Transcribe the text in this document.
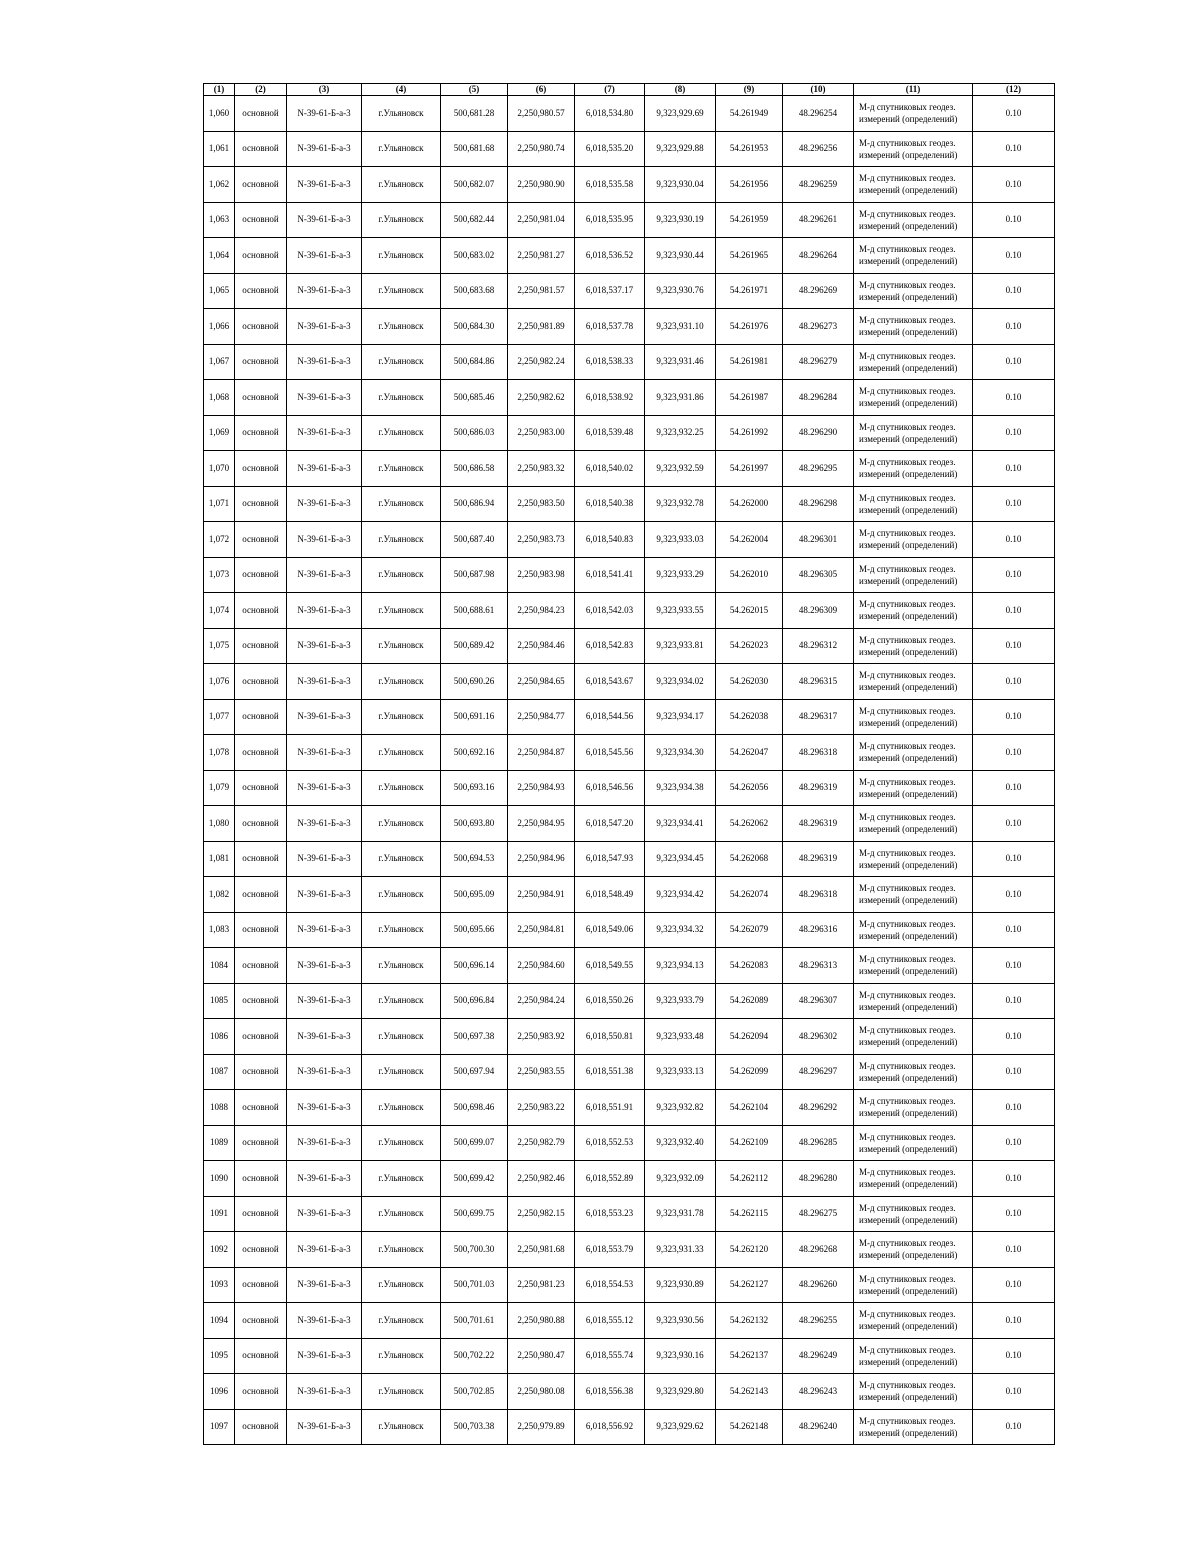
(1)	(2)	(3)	(4)	(5)	(6)	(7)	(8)	(9)	(10)	(11)	(12)
1,060	основной	N-39-61-Б-а-3	г.Ульяновск	500,681.28	2,250,980.57	6,018,534.80	9,323,929.69	54.261949	48.296254	М-д спутниковых геодез. измерений (определений)	0.10
1,061	основной	N-39-61-Б-а-3	г.Ульяновск	500,681.68	2,250,980.74	6,018,535.20	9,323,929.88	54.261953	48.296256	М-д спутниковых геодез. измерений (определений)	0.10
1,062	основной	N-39-61-Б-а-3	г.Ульяновск	500,682.07	2,250,980.90	6,018,535.58	9,323,930.04	54.261956	48.296259	М-д спутниковых геодез. измерений (определений)	0.10
1,063	основной	N-39-61-Б-а-3	г.Ульяновск	500,682.44	2,250,981.04	6,018,535.95	9,323,930.19	54.261959	48.296261	М-д спутниковых геодез. измерений (определений)	0.10
1,064	основной	N-39-61-Б-а-3	г.Ульяновск	500,683.02	2,250,981.27	6,018,536.52	9,323,930.44	54.261965	48.296264	М-д спутниковых геодез. измерений (определений)	0.10
1,065	основной	N-39-61-Б-а-3	г.Ульяновск	500,683.68	2,250,981.57	6,018,537.17	9,323,930.76	54.261971	48.296269	М-д спутниковых геодез. измерений (определений)	0.10
1,066	основной	N-39-61-Б-а-3	г.Ульяновск	500,684.30	2,250,981.89	6,018,537.78	9,323,931.10	54.261976	48.296273	М-д спутниковых геодез. измерений (определений)	0.10
1,067	основной	N-39-61-Б-а-3	г.Ульяновск	500,684.86	2,250,982.24	6,018,538.33	9,323,931.46	54.261981	48.296279	М-д спутниковых геодез. измерений (определений)	0.10
1,068	основной	N-39-61-Б-а-3	г.Ульяновск	500,685.46	2,250,982.62	6,018,538.92	9,323,931.86	54.261987	48.296284	М-д спутниковых геодез. измерений (определений)	0.10
1,069	основной	N-39-61-Б-а-3	г.Ульяновск	500,686.03	2,250,983.00	6,018,539.48	9,323,932.25	54.261992	48.296290	М-д спутниковых геодез. измерений (определений)	0.10
1,070	основной	N-39-61-Б-а-3	г.Ульяновск	500,686.58	2,250,983.32	6,018,540.02	9,323,932.59	54.261997	48.296295	М-д спутниковых геодез. измерений (определений)	0.10
1,071	основной	N-39-61-Б-а-3	г.Ульяновск	500,686.94	2,250,983.50	6,018,540.38	9,323,932.78	54.262000	48.296298	М-д спутниковых геодез. измерений (определений)	0.10
1,072	основной	N-39-61-Б-а-3	г.Ульяновск	500,687.40	2,250,983.73	6,018,540.83	9,323,933.03	54.262004	48.296301	М-д спутниковых геодез. измерений (определений)	0.10
1,073	основной	N-39-61-Б-а-3	г.Ульяновск	500,687.98	2,250,983.98	6,018,541.41	9,323,933.29	54.262010	48.296305	М-д спутниковых геодез. измерений (определений)	0.10
1,074	основной	N-39-61-Б-а-3	г.Ульяновск	500,688.61	2,250,984.23	6,018,542.03	9,323,933.55	54.262015	48.296309	М-д спутниковых геодез. измерений (определений)	0.10
1,075	основной	N-39-61-Б-а-3	г.Ульяновск	500,689.42	2,250,984.46	6,018,542.83	9,323,933.81	54.262023	48.296312	М-д спутниковых геодез. измерений (определений)	0.10
1,076	основной	N-39-61-Б-а-3	г.Ульяновск	500,690.26	2,250,984.65	6,018,543.67	9,323,934.02	54.262030	48.296315	М-д спутниковых геодез. измерений (определений)	0.10
1,077	основной	N-39-61-Б-а-3	г.Ульяновск	500,691.16	2,250,984.77	6,018,544.56	9,323,934.17	54.262038	48.296317	М-д спутниковых геодез. измерений (определений)	0.10
1,078	основной	N-39-61-Б-а-3	г.Ульяновск	500,692.16	2,250,984.87	6,018,545.56	9,323,934.30	54.262047	48.296318	М-д спутниковых геодез. измерений (определений)	0.10
1,079	основной	N-39-61-Б-а-3	г.Ульяновск	500,693.16	2,250,984.93	6,018,546.56	9,323,934.38	54.262056	48.296319	М-д спутниковых геодез. измерений (определений)	0.10
1,080	основной	N-39-61-Б-а-3	г.Ульяновск	500,693.80	2,250,984.95	6,018,547.20	9,323,934.41	54.262062	48.296319	М-д спутниковых геодез. измерений (определений)	0.10
1,081	основной	N-39-61-Б-а-3	г.Ульяновск	500,694.53	2,250,984.96	6,018,547.93	9,323,934.45	54.262068	48.296319	М-д спутниковых геодез. измерений (определений)	0.10
1,082	основной	N-39-61-Б-а-3	г.Ульяновск	500,695.09	2,250,984.91	6,018,548.49	9,323,934.42	54.262074	48.296318	М-д спутниковых геодез. измерений (определений)	0.10
1,083	основной	N-39-61-Б-а-3	г.Ульяновск	500,695.66	2,250,984.81	6,018,549.06	9,323,934.32	54.262079	48.296316	М-д спутниковых геодез. измерений (определений)	0.10
1084	основной	N-39-61-Б-а-3	г.Ульяновск	500,696.14	2,250,984.60	6,018,549.55	9,323,934.13	54.262083	48.296313	М-д спутниковых геодез. измерений (определений)	0.10
1085	основной	N-39-61-Б-а-3	г.Ульяновск	500,696.84	2,250,984.24	6,018,550.26	9,323,933.79	54.262089	48.296307	М-д спутниковых геодез. измерений (определений)	0.10
1086	основной	N-39-61-Б-а-3	г.Ульяновск	500,697.38	2,250,983.92	6,018,550.81	9,323,933.48	54.262094	48.296302	М-д спутниковых геодез. измерений (определений)	0.10
1087	основной	N-39-61-Б-а-3	г.Ульяновск	500,697.94	2,250,983.55	6,018,551.38	9,323,933.13	54.262099	48.296297	М-д спутниковых геодез. измерений (определений)	0.10
1088	основной	N-39-61-Б-а-3	г.Ульяновск	500,698.46	2,250,983.22	6,018,551.91	9,323,932.82	54.262104	48.296292	М-д спутниковых геодез. измерений (определений)	0.10
1089	основной	N-39-61-Б-а-3	г.Ульяновск	500,699.07	2,250,982.79	6,018,552.53	9,323,932.40	54.262109	48.296285	М-д спутниковых геодез. измерений (определений)	0.10
1090	основной	N-39-61-Б-а-3	г.Ульяновск	500,699.42	2,250,982.46	6,018,552.89	9,323,932.09	54.262112	48.296280	М-д спутниковых геодез. измерений (определений)	0.10
1091	основной	N-39-61-Б-а-3	г.Ульяновск	500,699.75	2,250,982.15	6,018,553.23	9,323,931.78	54.262115	48.296275	М-д спутниковых геодез. измерений (определений)	0.10
1092	основной	N-39-61-Б-а-3	г.Ульяновск	500,700.30	2,250,981.68	6,018,553.79	9,323,931.33	54.262120	48.296268	М-д спутниковых геодез. измерений (определений)	0.10
1093	основной	N-39-61-Б-а-3	г.Ульяновск	500,701.03	2,250,981.23	6,018,554.53	9,323,930.89	54.262127	48.296260	М-д спутниковых геодез. измерений (определений)	0.10
1094	основной	N-39-61-Б-а-3	г.Ульяновск	500,701.61	2,250,980.88	6,018,555.12	9,323,930.56	54.262132	48.296255	М-д спутниковых геодез. измерений (определений)	0.10
1095	основной	N-39-61-Б-а-3	г.Ульяновск	500,702.22	2,250,980.47	6,018,555.74	9,323,930.16	54.262137	48.296249	М-д спутниковых геодез. измерений (определений)	0.10
1096	основной	N-39-61-Б-а-3	г.Ульяновск	500,702.85	2,250,980.08	6,018,556.38	9,323,929.80	54.262143	48.296243	М-д спутниковых геодез. измерений (определений)	0.10
1097	основной	N-39-61-Б-а-3	г.Ульяновск	500,703.38	2,250,979.89	6,018,556.92	9,323,929.62	54.262148	48.296240	М-д спутниковых геодез. измерений (определений)	0.10
